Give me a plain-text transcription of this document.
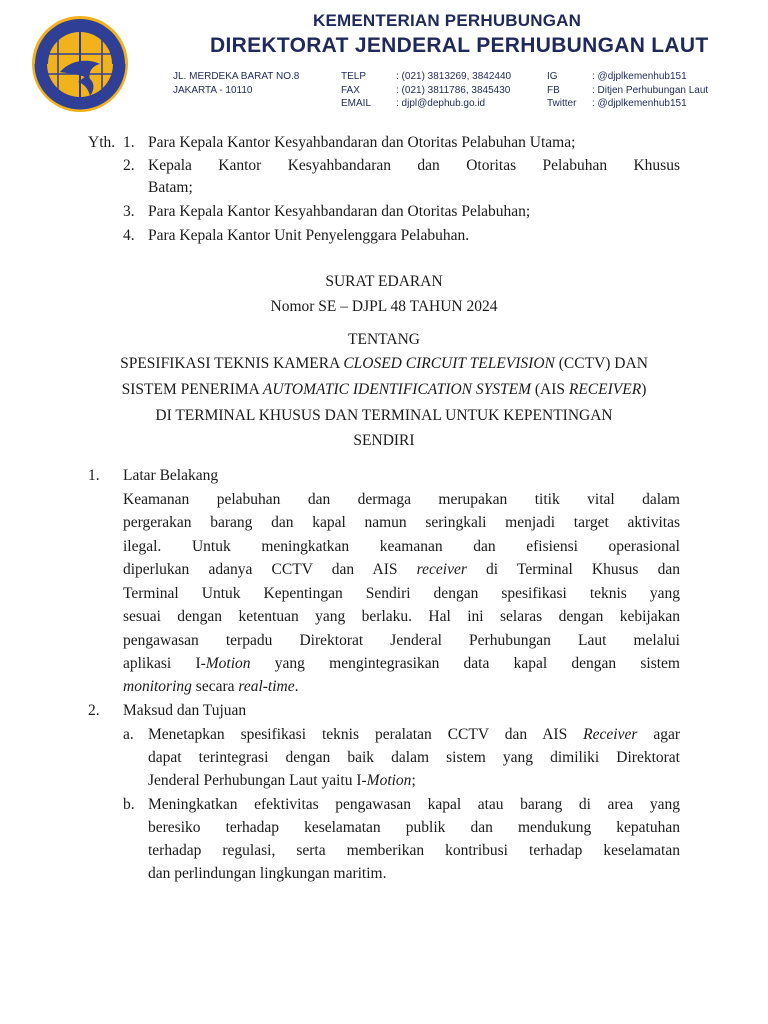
KEMENTERIAN PERHUBUNGAN
DIREKTORAT JENDERAL PERHUBUNGAN LAUT
JL. MERDEKA BARAT NO.8
JAKARTA - 10110
TELP
FAX
EMAIL
: (021) 3813269, 3842440
: (021) 3811786, 3845430
: djpl@dephub.go.id
IG
FB
Twitter
: @djplkemenhub151
: Ditjen Perhubungan Laut
: @djplkemenhub151
Yth. 1. Para Kepala Kantor Kesyahbandaran dan Otoritas Pelabuhan Utama;
2. Kepala Kantor Kesyahbandaran dan Otoritas Pelabuhan Khusus
Batam;
3. Para Kepala Kantor Kesyahbandaran dan Otoritas Pelabuhan;
4. Para Kepala Kantor Unit Penyelenggara Pelabuhan.
SURAT EDARAN
Nomor SE – DJPL 48 TAHUN 2024
TENTANG
SPESIFIKASI TEKNIS KAMERA CLOSED CIRCUIT TELEVISION (CCTV) DAN
SISTEM PENERIMA AUTOMATIC IDENTIFICATION SYSTEM (AIS RECEIVER)
DI TERMINAL KHUSUS DAN TERMINAL UNTUK KEPENTINGAN
SENDIRI
1. Latar Belakang
Keamanan pelabuhan dan dermaga merupakan titik vital dalam
pergerakan barang dan kapal namun seringkali menjadi target aktivitas
ilegal. Untuk meningkatkan keamanan dan efisiensi operasional
diperlukan adanya CCTV dan AIS receiver di Terminal Khusus dan
Terminal Untuk Kepentingan Sendiri dengan spesifikasi teknis yang
sesuai dengan ketentuan yang berlaku. Hal ini selaras dengan kebijakan
pengawasan terpadu Direktorat Jenderal Perhubungan Laut melalui
aplikasi I-Motion yang mengintegrasikan data kapal dengan sistem
monitoring secara real-time.
2. Maksud dan Tujuan
a. Menetapkan spesifikasi teknis peralatan CCTV dan AIS Receiver agar
dapat terintegrasi dengan baik dalam sistem yang dimiliki Direktorat
Jenderal Perhubungan Laut yaitu I-Motion;
b. Meningkatkan efektivitas pengawasan kapal atau barang di area yang
beresiko terhadap keselamatan publik dan mendukung kepatuhan
terhadap regulasi, serta memberikan kontribusi terhadap keselamatan
dan perlindungan lingkungan maritim.
